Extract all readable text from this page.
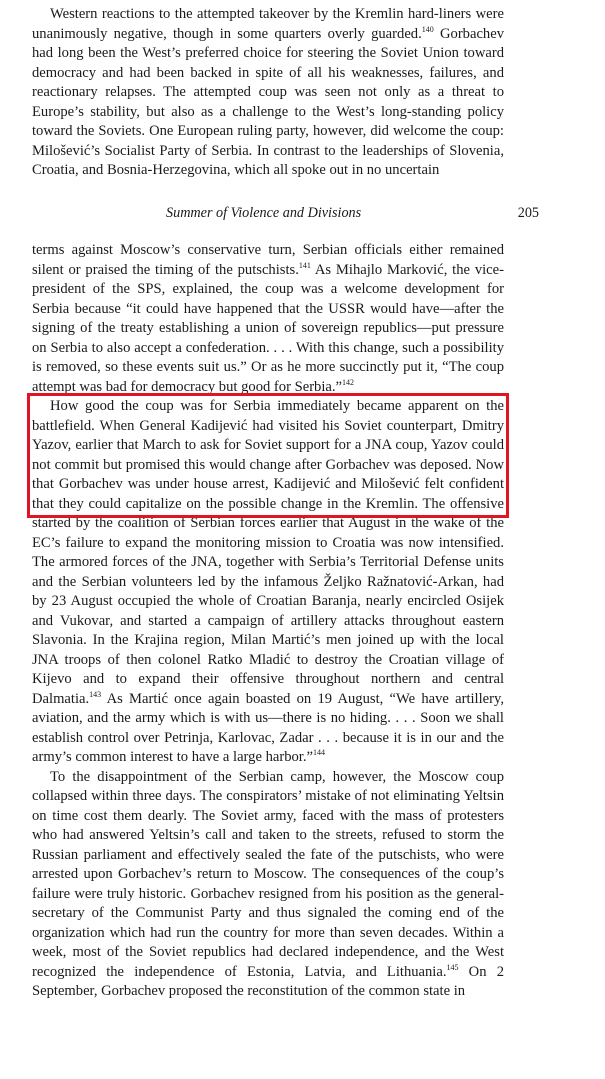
Western reactions to the attempted takeover by the Kremlin hard-liners were unanimously negative, though in some quarters overly guarded.$^{140}$ Gorbachev had long been the West’s preferred choice for steering the Soviet Union toward democracy and had been backed in spite of all his weaknesses, failures, and reactionary relapses. The attempted coup was seen not only as a threat to Europe’s stability, but also as a challenge to the West’s long-standing policy toward the Soviets. One European ruling party, however, did welcome the coup: Milošević’s Socialist Party of Serbia. In contrast to the leaderships of Slovenia, Croatia, and Bosnia-Herzegovina, which all spoke out in no uncertain

Summer of Violence and Divisions	205

terms against Moscow’s conservative turn, Serbian officials either remained silent or praised the timing of the putschists.$^{141}$ As Mihajlo Marković, the vice-president of the SPS, explained, the coup was a welcome development for Serbia because “it could have happened that the USSR would have—after the signing of the treaty establishing a union of sovereign republics—put pressure on Serbia to also accept a confederation. . . . With this change, such a possibility is removed, so these events suit us.” Or as he more succinctly put it, “The coup attempt was bad for democracy but good for Serbia.”$^{142}$

How good the coup was for Serbia immediately became apparent on the battlefield. When General Kadijević had visited his Soviet counterpart, Dmitry Yazov, earlier that March to ask for Soviet support for a JNA coup, Yazov could not commit but promised this would change after Gorbachev was deposed. Now that Gorbachev was under house arrest, Kadijević and Milošević felt confident that they could capitalize on the possible change in the Kremlin. The offensive started by the coalition of Serbian forces earlier that August in the wake of the EC’s failure to expand the monitoring mission to Croatia was now intensified. The armored forces of the JNA, together with Serbia’s Territorial Defense units and the Serbian volunteers led by the infamous Željko Ražnatović-Arkan, had by 23 August occupied the whole of Croatian Baranja, nearly encircled Osijek and Vukovar, and started a campaign of artillery attacks throughout eastern Slavonia. In the Krajina region, Milan Martić’s men joined up with the local JNA troops of then colonel Ratko Mladić to destroy the Croatian village of Kijevo and to expand their offensive throughout northern and central Dalmatia.$^{143}$ As Martić once again boasted on 19 August, “We have artillery, aviation, and the army which is with us—there is no hiding. . . . Soon we shall establish control over Petrinja, Karlovac, Zadar . . . because it is in our and the army’s common interest to have a large harbor.”$^{144}$

To the disappointment of the Serbian camp, however, the Moscow coup collapsed within three days. The conspirators’ mistake of not eliminating Yeltsin on time cost them dearly. The Soviet army, faced with the mass of protesters who had answered Yeltsin’s call and taken to the streets, refused to storm the Russian parliament and effectively sealed the fate of the putschists, who were arrested upon Gorbachev’s return to Moscow. The consequences of the coup’s failure were truly historic. Gorbachev resigned from his position as the general-secretary of the Communist Party and thus signaled the coming end of the organization which had run the country for more than seven decades. Within a week, most of the Soviet republics had declared independence, and the West recognized the independence of Estonia, Latvia, and Lithuania.$^{145}$ On 2 September, Gorbachev proposed the reconstitution of the common state in
